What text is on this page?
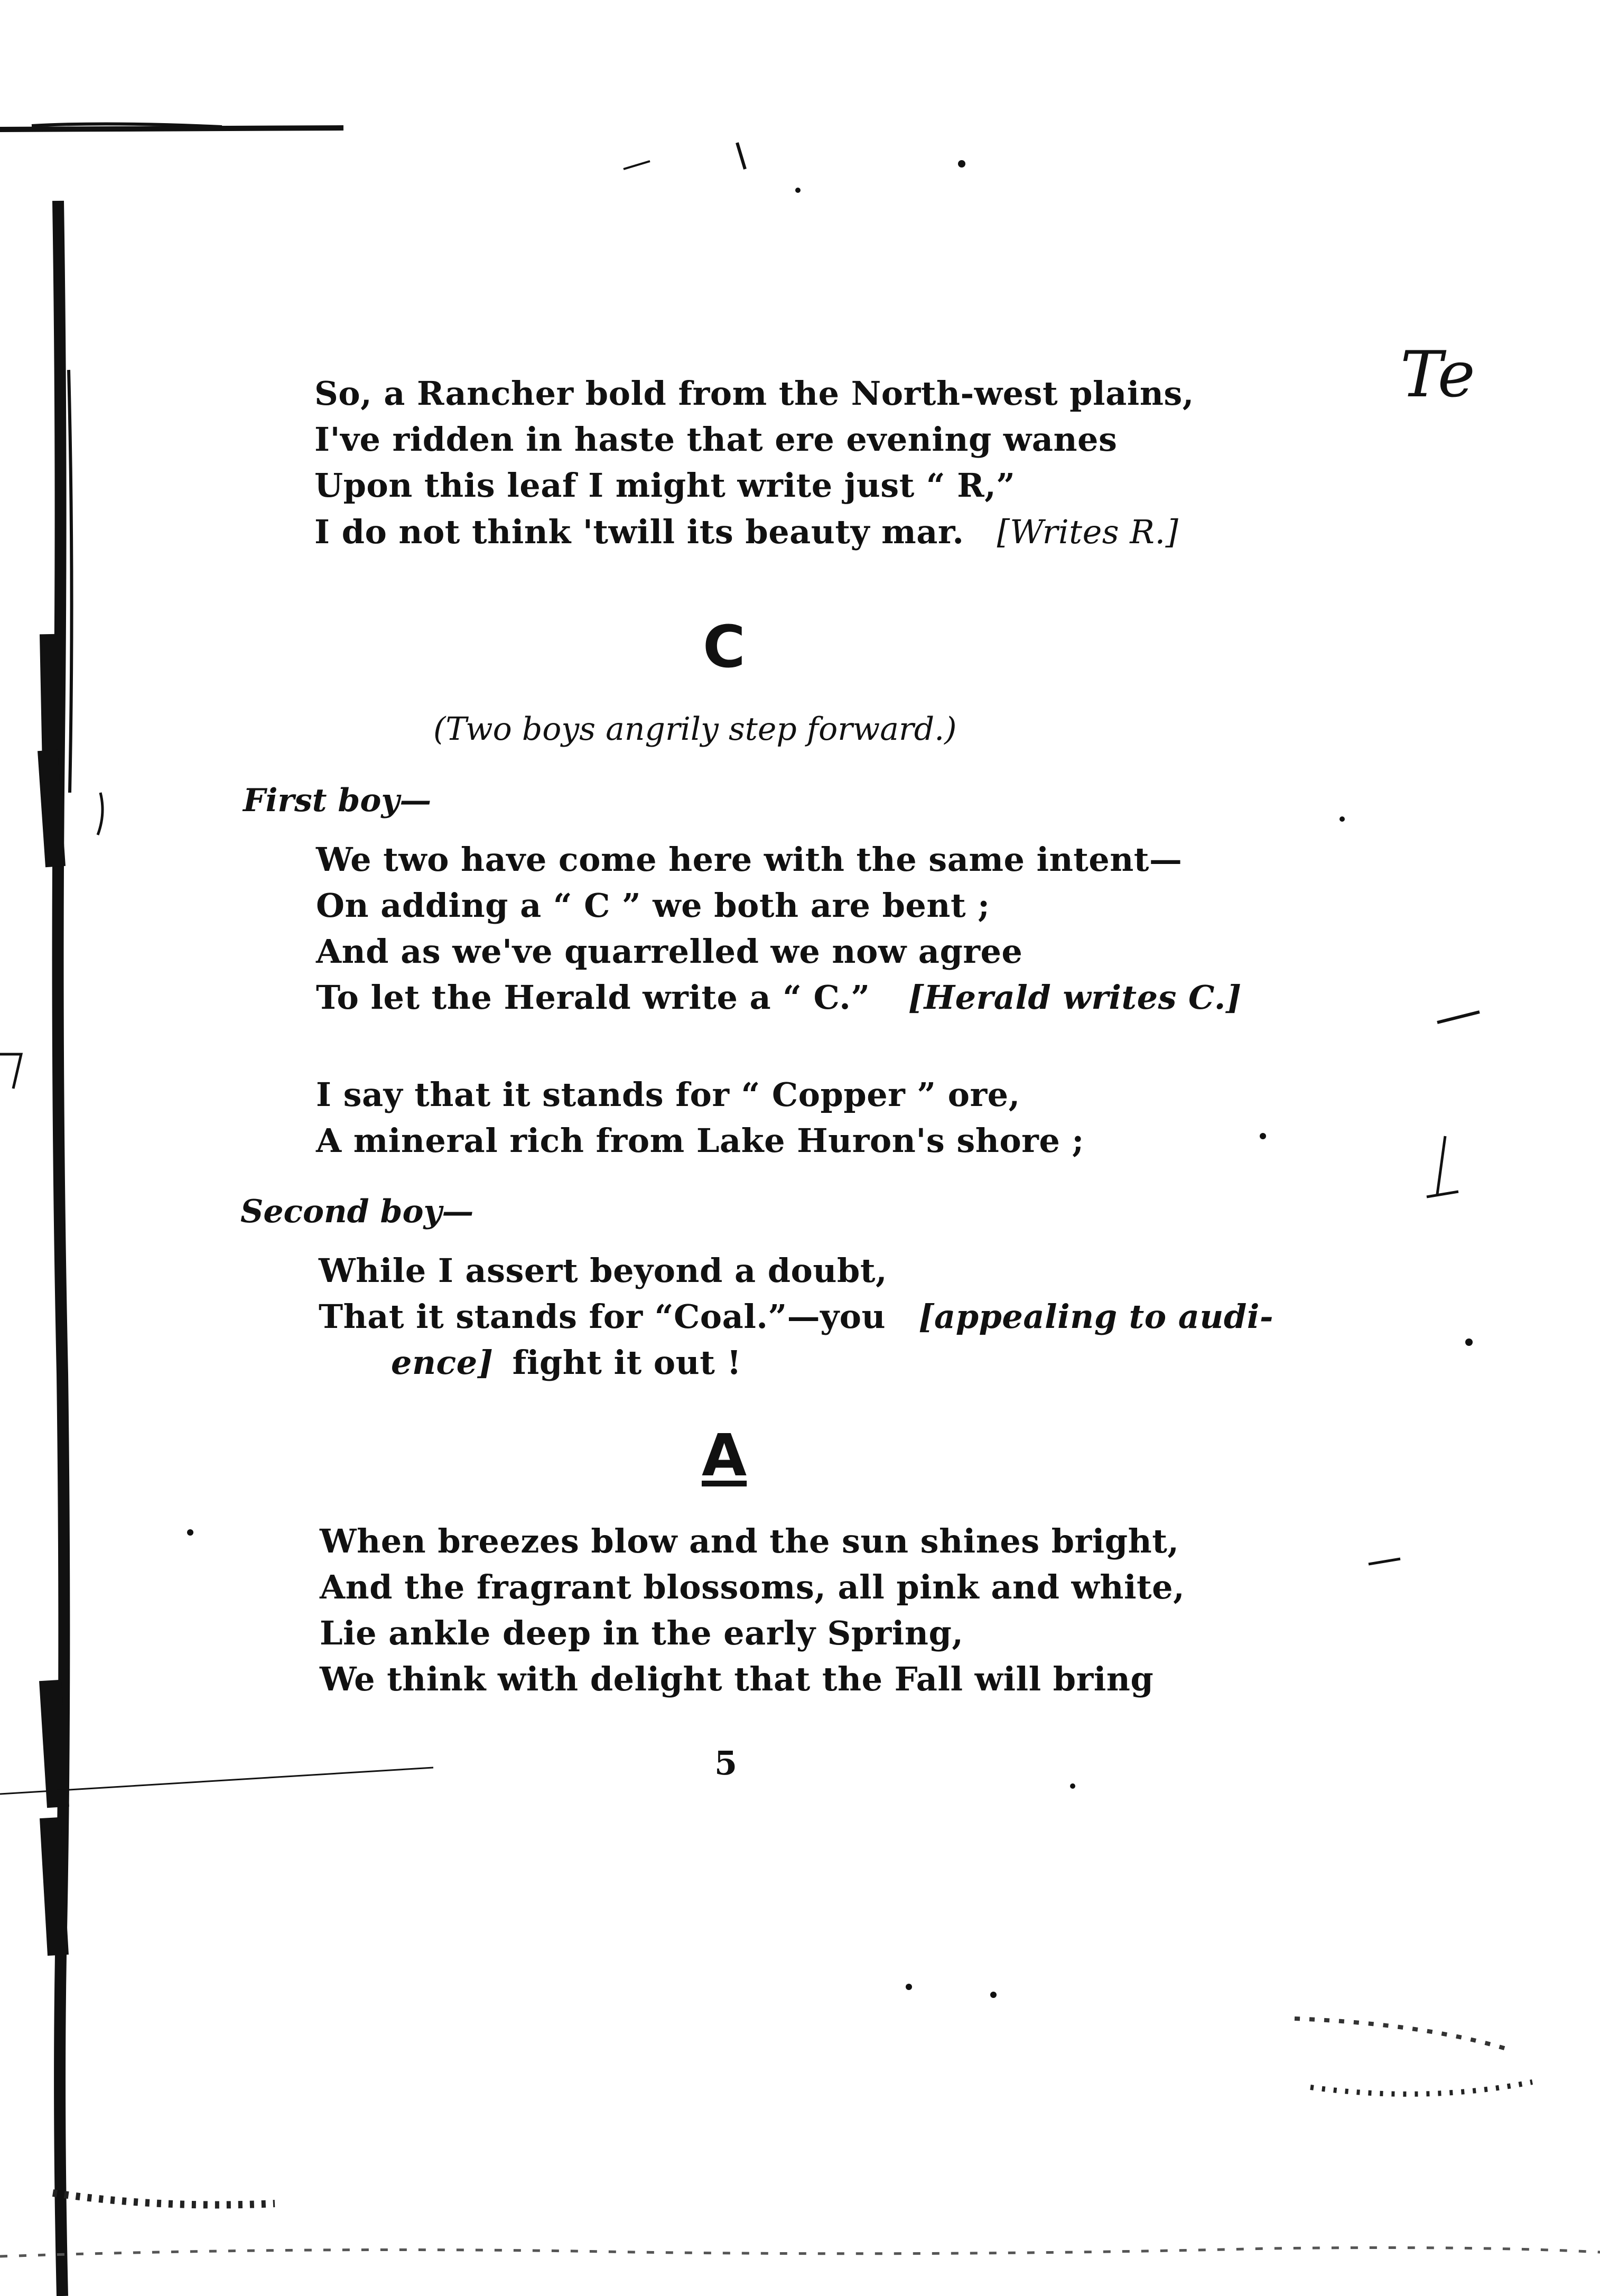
So, a Rancher bold from the North-west plains,
I've ridden in haste that ere evening wanes
Upon this leaf I might write just “ R,”
I do not think 'twill its beauty mar. [Writes R.]
C
(Two boys angrily step forward.)
First boy—
We two have come here with the same intent—
On adding a “ C ” we both are bent ;
And as we've quarrelled we now agree
To let the Herald write a “ C.” [Herald writes C.]
I say that it stands for “ Copper ” ore,
A mineral rich from Lake Huron's shore ;
Second boy—
While I assert beyond a doubt,
That it stands for “Coal.”—you [appealing to audi-
ence] fight it out !
A
When breezes blow and the sun shines bright,
And the fragrant blossoms, all pink and white,
Lie ankle deep in the early Spring,
We think with delight that the Fall will bring
5
Te
